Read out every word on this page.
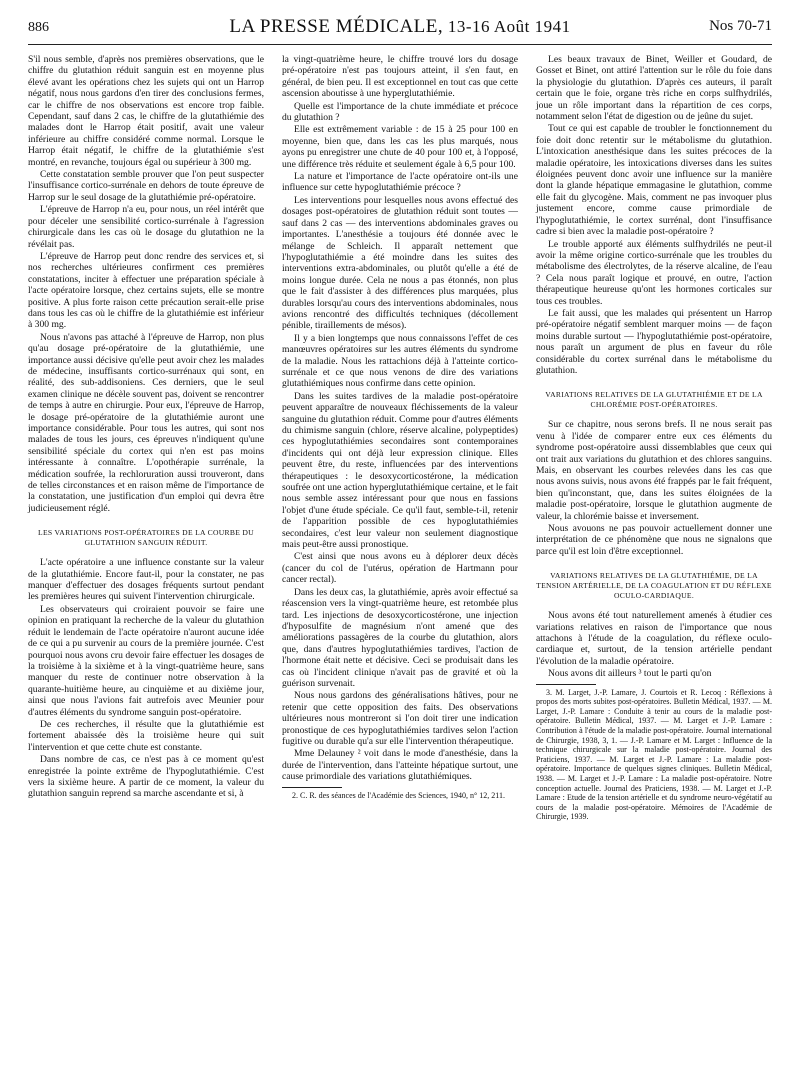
886	LA PRESSE MÉDICALE, 13-16 Août 1941	Nos 70-71

S'il nous semble, d'après nos premières observations, que le chiffre du glutathion réduit sanguin est en moyenne plus élevé avant les opérations chez les sujets qui ont un Harrop négatif, nous nous gardons d'en tirer des conclusions fermes, car le chiffre de nos observations est encore trop faible. Cependant, sauf dans 2 cas, le chiffre de la glutathiémie des malades dont le Harrop était positif, avait une valeur inférieure au chiffre considéré comme normal. Lorsque le Harrop était négatif, le chiffre de la glutathiémie s'est montré, en revanche, toujours égal ou supérieur à 300 mg.

Cette constatation semble prouver que l'on peut suspecter l'insuffisance cortico-surrénale en dehors de toute épreuve de Harrop sur le seul dosage de la glutathiémie pré-opératoire.

L'épreuve de Harrop n'a eu, pour nous, un réel intérêt que pour déceler une sensibilité cortico-surrénale à l'agression chirurgicale dans les cas où le dosage du glutathion ne la révélait pas.

L'épreuve de Harrop peut donc rendre des services et, si nos recherches ultérieures confirment ces premières constatations, inciter à effectuer une préparation spéciale à l'acte opératoire lorsque, chez certains sujets, elle se montre positive. A plus forte raison cette précaution serait-elle prise dans tous les cas où le chiffre de la glutathiémie est inférieur à 300 mg.

Nous n'avons pas attaché à l'épreuve de Harrop, non plus qu'au dosage pré-opératoire de la glutathiémie, une importance aussi décisive qu'elle peut avoir chez les malades de médecine, insuffisants cortico-surrénaux qui sont, en réalité, des sub-addisoniens. Ces derniers, que le seul examen clinique ne décèle souvent pas, doivent se rencontrer de temps à autre en chirurgie. Pour eux, l'épreuve de Harrop, le dosage pré-opératoire de la glutathiémie auront une importance considérable. Pour tous les autres, qui sont nos malades de tous les jours, ces épreuves n'indiquent qu'une sensibilité spéciale du cortex qui n'en est pas moins intéressante à connaître. L'opothérapie surrénale, la médication soufrée, la rechloruration aussi trouveront, dans de telles circonstances et en raison même de l'importance de la constatation, une justification d'un emploi qui devra être judicieusement réglé.

LES VARIATIONS POST-OPÉRATOIRES DE LA COURBE DU GLUTATHION SANGUIN RÉDUIT.

L'acte opératoire a une influence constante sur la valeur de la glutathiémie. Encore faut-il, pour la constater, ne pas manquer d'effectuer des dosages fréquents surtout pendant les premières heures qui suivent l'intervention chirurgicale.

Les observateurs qui croiraient pouvoir se faire une opinion en pratiquant la recherche de la valeur du glutathion réduit le lendemain de l'acte opératoire n'auront aucune idée de ce qui a pu survenir au cours de la première journée. C'est pourquoi nous avons cru devoir faire effectuer les dosages de la troisième à la sixième et à la vingt-quatrième heure, sans manquer du reste de continuer notre observation à la quarante-huitième heure, au cinquième et au dixième jour, ainsi que nous l'avions fait autrefois avec Meunier pour d'autres éléments du syndrome sanguin post-opératoire.

De ces recherches, il résulte que la glutathiémie est fortement abaissée dès la troisième heure qui suit l'intervention et que cette chute est constante.

Dans nombre de cas, ce n'est pas à ce moment qu'est enregistrée la pointe extrême de l'hypoglutathiémie. C'est vers la sixième heure. A partir de ce moment, la valeur du glutathion sanguin reprend sa marche ascendante et si, à

la vingt-quatrième heure, le chiffre trouvé lors du dosage pré-opératoire n'est pas toujours atteint, il s'en faut, en général, de bien peu. Il est exceptionnel en tout cas que cette ascension aboutisse à une hyperglutathiémie.

Quelle est l'importance de la chute immédiate et précoce du glutathion ?

Elle est extrêmement variable : de 15 à 25 pour 100 en moyenne, bien que, dans les cas les plus marqués, nous ayons pu enregistrer une chute de 40 pour 100 et, à l'opposé, une différence très réduite et seulement égale à 6,5 pour 100.

La nature et l'importance de l'acte opératoire ont-ils une influence sur cette hypoglutathiémie précoce ?

Les interventions pour lesquelles nous avons effectué des dosages post-opératoires de glutathion réduit sont toutes — sauf dans 2 cas — des interventions abdominales graves ou importantes. L'anesthésie a toujours été donnée avec le mélange de Schleich. Il apparaît nettement que l'hypoglutathiémie a été moindre dans les suites des interventions extra-abdominales, ou plutôt qu'elle a été de moins longue durée. Cela ne nous a pas étonnés, non plus que le fait d'assister à des différences plus marquées, plus durables lorsqu'au cours des interventions abdominales, nous avions rencontré des difficultés techniques (décollement pénible, tiraillements de mésos).

Il y a bien longtemps que nous connaissons l'effet de ces manœuvres opératoires sur les autres éléments du syndrome de la maladie. Nous les rattachions déjà à l'atteinte cortico-surrénale et ce que nous venons de dire des variations glutathiémiques nous confirme dans cette opinion.

Dans les suites tardives de la maladie post-opératoire peuvent apparaître de nouveaux fléchissements de la valeur sanguine du glutathion réduit. Comme pour d'autres éléments du chimisme sanguin (chlore, réserve alcaline, polypeptides) ces hypoglutathiémies secondaires sont contemporaines d'incidents qui ont déjà leur expression clinique. Elles peuvent être, du reste, influencées par des interventions thérapeutiques : le desoxycorticostérone, la médication soufrée ont une action hyperglutathiémique certaine, et le fait nous semble assez intéressant pour que nous en fassions l'objet d'une étude spéciale. Ce qu'il faut, semble-t-il, retenir de l'apparition possible de ces hypoglutathiémies secondaires, c'est leur valeur non seulement diagnostique mais peut-être aussi pronostique.

C'est ainsi que nous avons eu à déplorer deux décès (cancer du col de l'utérus, opération de Hartmann pour cancer rectal).

Dans les deux cas, la glutathiémie, après avoir effectué sa réascension vers la vingt-quatrième heure, est retombée plus tard. Les injections de desoxycorticostérone, une injection d'hyposulfite de magnésium n'ont amené que des améliorations passagères de la courbe du glutathion, alors que, dans d'autres hypoglutathiémies tardives, l'action de l'hormone était nette et décisive. Ceci se produisait dans les cas où l'incident clinique n'avait pas de gravité et où la guérison survenait.

Nous nous gardons des généralisations hâtives, pour ne retenir que cette opposition des faits. Des observations ultérieures nous montreront si l'on doit tirer une indication pronostique de ces hypoglutathiémies tardives selon l'action fugitive ou durable qu'a sur elle l'intervention thérapeutique.

Mme Delauney ² voit dans le mode d'anesthésie, dans la durée de l'intervention, dans l'atteinte hépatique surtout, une cause primordiale des variations glutathiémiques.

2. C. R. des séances de l'Académie des Sciences, 1940, n° 12, 211.

Les beaux travaux de Binet, Weiller et Goudard, de Gosset et Binet, ont attiré l'attention sur le rôle du foie dans la physiologie du glutathion. D'après ces auteurs, il paraît certain que le foie, organe très riche en corps sulfhydrilés, joue un rôle important dans la répartition de ces corps, notamment selon l'état de digestion ou de jeûne du sujet.

Tout ce qui est capable de troubler le fonctionnement du foie doit donc retentir sur le métabolisme du glutathion. L'intoxication anesthésique dans les suites précoces de la maladie opératoire, les intoxications diverses dans les suites éloignées peuvent donc avoir une influence sur la manière dont la glande hépatique emmagasine le glutathion, comme elle fait du glycogène. Mais, comment ne pas invoquer plus justement encore, comme cause primordiale de l'hypoglutathiémie, le cortex surrénal, dont l'insuffisance cadre si bien avec la maladie post-opératoire ?

Le trouble apporté aux éléments sulfhydrilés ne peut-il avoir la même origine cortico-surrénale que les troubles du métabolisme des électrolytes, de la réserve alcaline, de l'eau ? Cela nous paraît logique et prouvé, en outre, l'action thérapeutique heureuse qu'ont les hormones corticales sur tous ces troubles.

Le fait aussi, que les malades qui présentent un Harrop pré-opératoire négatif semblent marquer moins — de façon moins durable surtout — l'hypoglutathiémie post-opératoire, nous paraît un argument de plus en faveur du rôle considérable du cortex surrénal dans le métabolisme du glutathion.

VARIATIONS RELATIVES DE LA GLUTATHIÉMIE ET DE LA CHLORÉMIE POST-OPÉRATOIRES.

Sur ce chapitre, nous serons brefs. Il ne nous serait pas venu à l'idée de comparer entre eux ces éléments du syndrome post-opératoire aussi dissemblables que ceux qui ont trait aux variations du glutathion et des chlores sanguins. Mais, en observant les courbes relevées dans les cas que nous avons suivis, nous avons été frappés par le fait fréquent, bien qu'inconstant, que, dans les suites éloignées de la maladie post-opératoire, lorsque le glutathion augmente de valeur, la chlorémie baisse et inversement.

Nous avouons ne pas pouvoir actuellement donner une interprétation de ce phénomène que nous ne signalons que parce qu'il est loin d'être exceptionnel.

VARIATIONS RELATIVES DE LA GLUTATHIÉMIE, DE LA TENSION ARTÉRIELLE, DE LA COAGULATION ET DU RÉFLEXE OCULO-CARDIAQUE.

Nous avons été tout naturellement amenés à étudier ces variations relatives en raison de l'importance que nous attachons à l'étude de la coagulation, du réflexe oculo-cardiaque et, surtout, de la tension artérielle pendant l'évolution de la maladie opératoire.

Nous avons dit ailleurs ³ tout le parti qu'on

3. M. Larget, J.-P. Lamare, J. Courtois et R. Lecoq : Réflexions à propos des morts subites post-opératoires. Bulletin Médical, 1937. — M. Larget, J.-P. Lamare : Conduite à tenir au cours de la maladie post-opératoire. Bulletin Médical, 1937. — M. Larget et J.-P. Lamare : Contribution à l'étude de la maladie post-opératoire. Journal international de Chirurgie, 1938, 3, 1. — J.-P. Lamare et M. Larget : Influence de la technique chirurgicale sur la maladie post-opératoire. Journal des Praticiens, 1937. — M. Larget et J.-P. Lamare : La maladie post-opératoire. Importance de quelques signes cliniques. Bulletin Médical, 1938. — M. Larget et J.-P. Lamare : La maladie post-opératoire. Notre conception actuelle. Journal des Praticiens, 1938. — M. Larget et J.-P. Lamare : Etude de la tension artérielle et du syndrome neuro-végétatif au cours de la maladie post-opératoire. Mémoires de l'Académie de Chirurgie, 1939.
